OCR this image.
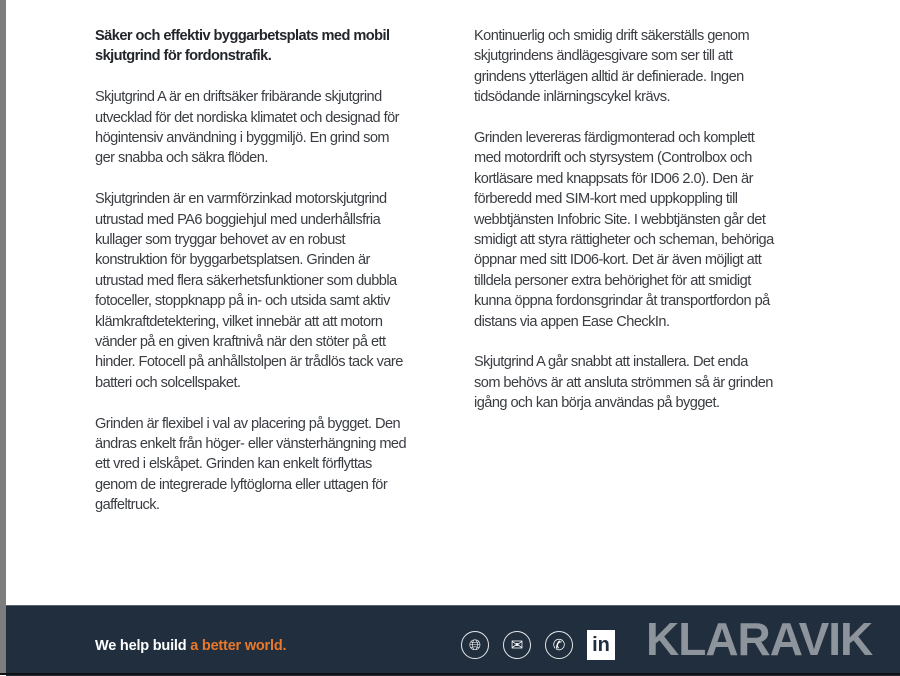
Säker och effektiv byggarbetsplats med mobil
skjutgrind för fordonstrafik.
Skjutgrind A är en driftsäker fribärande skjutgrind
utvecklad för det nordiska klimatet och designad för
högintensiv användning i byggmiljö. En grind som
ger snabba och säkra flöden.
Skjutgrinden är en varmförzinkad motorskjutgrind
utrustad med PA6 boggiehjul med underhållsfria
kullager som tryggar behovet av en robust
konstruktion för byggarbetsplatsen. Grinden är
utrustad med flera säkerhetsfunktioner som dubbla
fotoceller, stoppknapp på in- och utsida samt aktiv
klämkraftdetektering, vilket innebär att att motorn
vänder på en given kraftnivå när den stöter på ett
hinder. Fotocell på anhållstolpen är trådlös tack vare
batteri och solcellspaket.
Grinden är flexibel i val av placering på bygget. Den
ändras enkelt från höger- eller vänsterhängning med
ett vred i elskåpet. Grinden kan enkelt förflyttas
genom de integrerade lyftöglorna eller uttagen för
gaffeltruck.
Kontinuerlig och smidig drift säkerställs genom
skjutgrindens ändlägesgivare som ser till att
grindens ytterlägen alltid är definierade. Ingen
tidsödande inlärningscykel krävs.
Grinden levereras färdigmonterad och komplett
med motordrift och styrsystem (Controlbox och
kortläsare med knappsats för ID06 2.0). Den är
förberedd med SIM-kort med uppkoppling till
webbtjänsten Infobric Site. I webbtjänsten går det
smidigt att styra rättigheter och scheman, behöriga
öppnar med sitt ID06-kort. Det är även möjligt att
tilldela personer extra behörighet för att smidigt
kunna öppna fordonsgrindar åt transportfordon på
distans via appen Ease CheckIn.
Skjutgrind A går snabbt att installera. Det enda
som behövs är att ansluta strömmen så är grinden
igång och kan börja användas på bygget.
KLARAVIK
We help build a better world.	🌐︎	✉︎	✆︎	in
